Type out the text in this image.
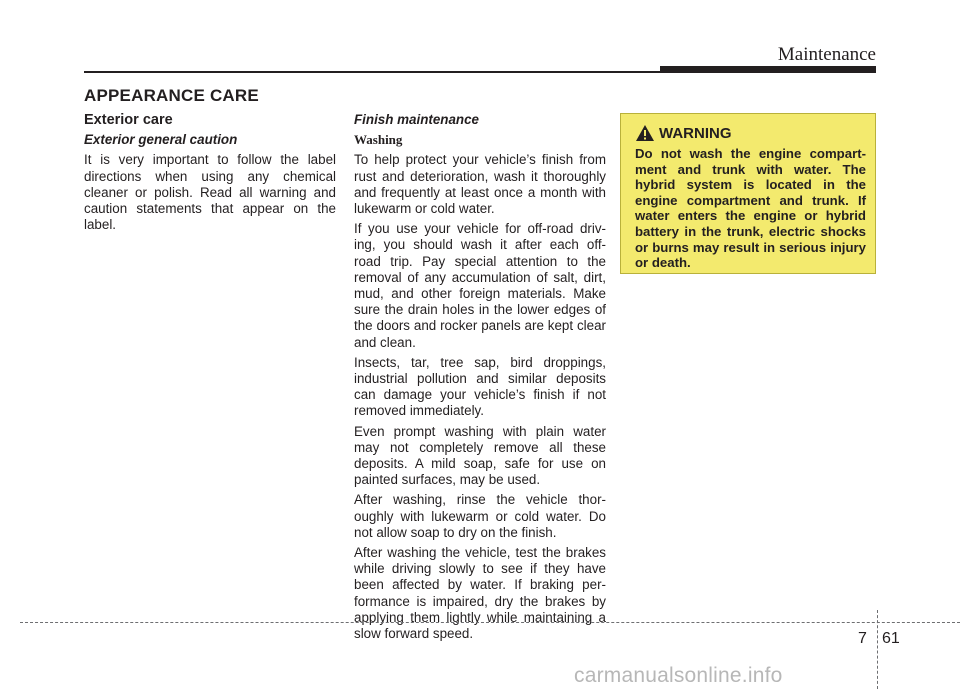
Maintenance
APPEARANCE CARE
Exterior care
Exterior general caution

It is very important to follow the label directions when using any chemical cleaner or polish. Read all warning and caution statements that appear on the label.

Finish maintenance
Washing

To help protect your vehicle’s finish from rust and deterioration, wash it thoroughly and frequently at least once a month with lukewarm or cold water.

If you use your vehicle for off-road driv- ing, you should wash it after each off- road trip. Pay special attention to the removal of any accumulation of salt, dirt, mud, and other foreign materials. Make sure the drain holes in the lower edges of the doors and rocker panels are kept clear and clean.

Insects, tar, tree sap, bird droppings, industrial pollution and similar deposits can damage your vehicle’s finish if not removed immediately.

Even prompt washing with plain water may not completely remove all these deposits. A mild soap, safe for use on painted surfaces, may be used.

After washing, rinse the vehicle thor- oughly with lukewarm or cold water. Do not allow soap to dry on the finish.

After washing the vehicle, test the brakes while driving slowly to see if they have been affected by water. If braking per- formance is impaired, dry the brakes by applying them lightly while maintaining a slow forward speed.

WARNING

Do not wash the engine compart- ment and trunk with water. The hybrid system is located in the engine compartment and trunk. If water enters the engine or hybrid battery in the trunk, electric shocks or burns may result in serious injury or death.

7 61
carmanualsonline.info
